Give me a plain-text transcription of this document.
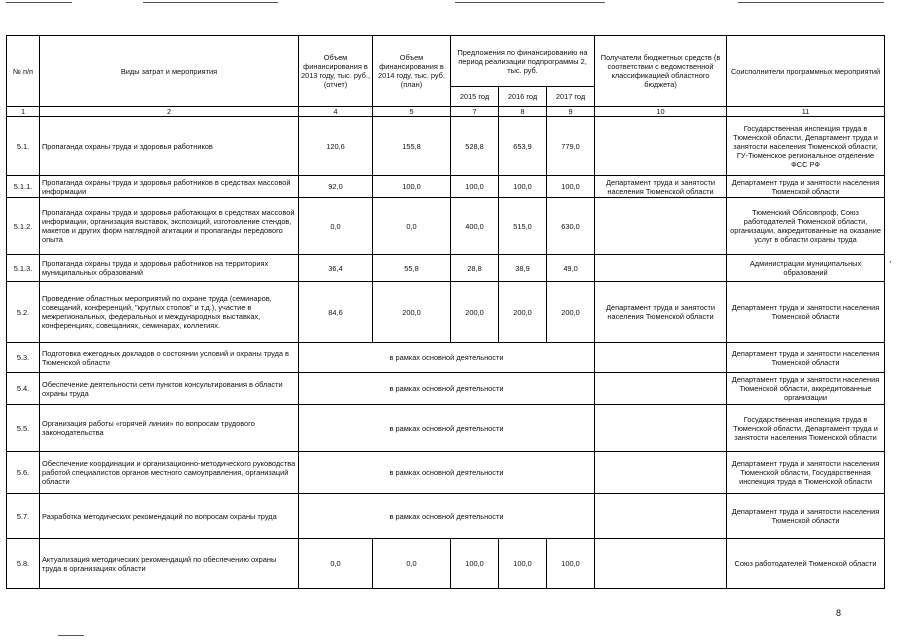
№ п/п	Виды затрат и мероприятия	Объем финансирования в 2013 году, тыс. руб., (отчет)	Объем финансирования в 2014 году, тыс. руб. (план)	Предложения по финансированию на период реализации подпрограммы 2, тыс. руб.			Получатели бюджетных средств (в соответствии с ведомственной классификацией областного бюджета)	Соисполнители программных мероприятий
				2015 год	2016 год	2017 год		
1	2	4	5	7	8	9	10	11
5.1.	Пропаганда охраны труда и здоровья работников	120,6	155,8	528,8	653,9	779,0		Государственная инспекция труда в Тюменской области, Департамент труда и занятости населения Тюменской области, ГУ-Тюменское региональное отделение ФСС РФ
5.1.1.	Пропаганда охраны труда и здоровья работников в средствах массовой информации	92,0	100,0	100,0	100,0	100,0	Департамент труда и занятости населения Тюменской области	Департамент труда и занятости населения Тюменской области
5.1.2.	Пропаганда охраны труда и здоровья работающих в средствах массовой информации, организация выставок, экспозиций, изготовление стендов, макетов и других форм наглядной агитации и пропаганды передового опыта	0,0	0,0	400,0	515,0	630,0		Тюменский Облсовпроф, Союз работодателей Тюменской области, организации, аккредитованные на оказание услуг в области охраны труда
5.1.3.	Пропаганда охраны труда и здоровья работников на территориях муниципальных образований	36,4	55,8	28,8	38,9	49,0		Администрации муниципальных образований
5.2.	Проведение областных мероприятий по охране труда (семинаров, совещаний, конференций, "круглых столов" и т.д.), участие в межрегиональных, федеральных и международных выставках, конференциях, совещаниях, семинарах, коллегиях.	84,6	200,0	200,0	200,0	200,0	Департамент труда и занятости населения Тюменской области	Департамент труда и занятости населения Тюменской области
5.3.	Подготовка ежегодных докладов о состоянии условий и охраны труда в Тюменской области	в рамках основной деятельности						Департамент труда и занятости населения Тюменской области
5.4.	Обеспечение деятельности сети пунктов консультирования в области охраны труда	в рамках основной деятельности						Департамент труда и занятости населения Тюменской области, аккредитованные организации
5.5.	Организация работы «горячей линии» по вопросам трудового законодательства	в рамках основной деятельности						Государственная инспекция труда в Тюменской области, Департамент труда и занятости населения Тюменской области
5.6.	Обеспечение координации и организационно-методического руководства работой специалистов органов местного самоуправления, организаций области	в рамках основной деятельности						Департамент труда и занятости населения Тюменской области, Государственная инспекция труда в Тюменской области
5.7.	Разработка методических рекомендаций по вопросам охраны труда	в рамках основной деятельности						Департамент труда и занятости населения Тюменской области
5.8.	Актуализация методических рекомендаций по обеспечению охраны труда в организациях области	0,0	0,0	100,0	100,0	100,0		Союз работодателей Тюменской области
,
8
